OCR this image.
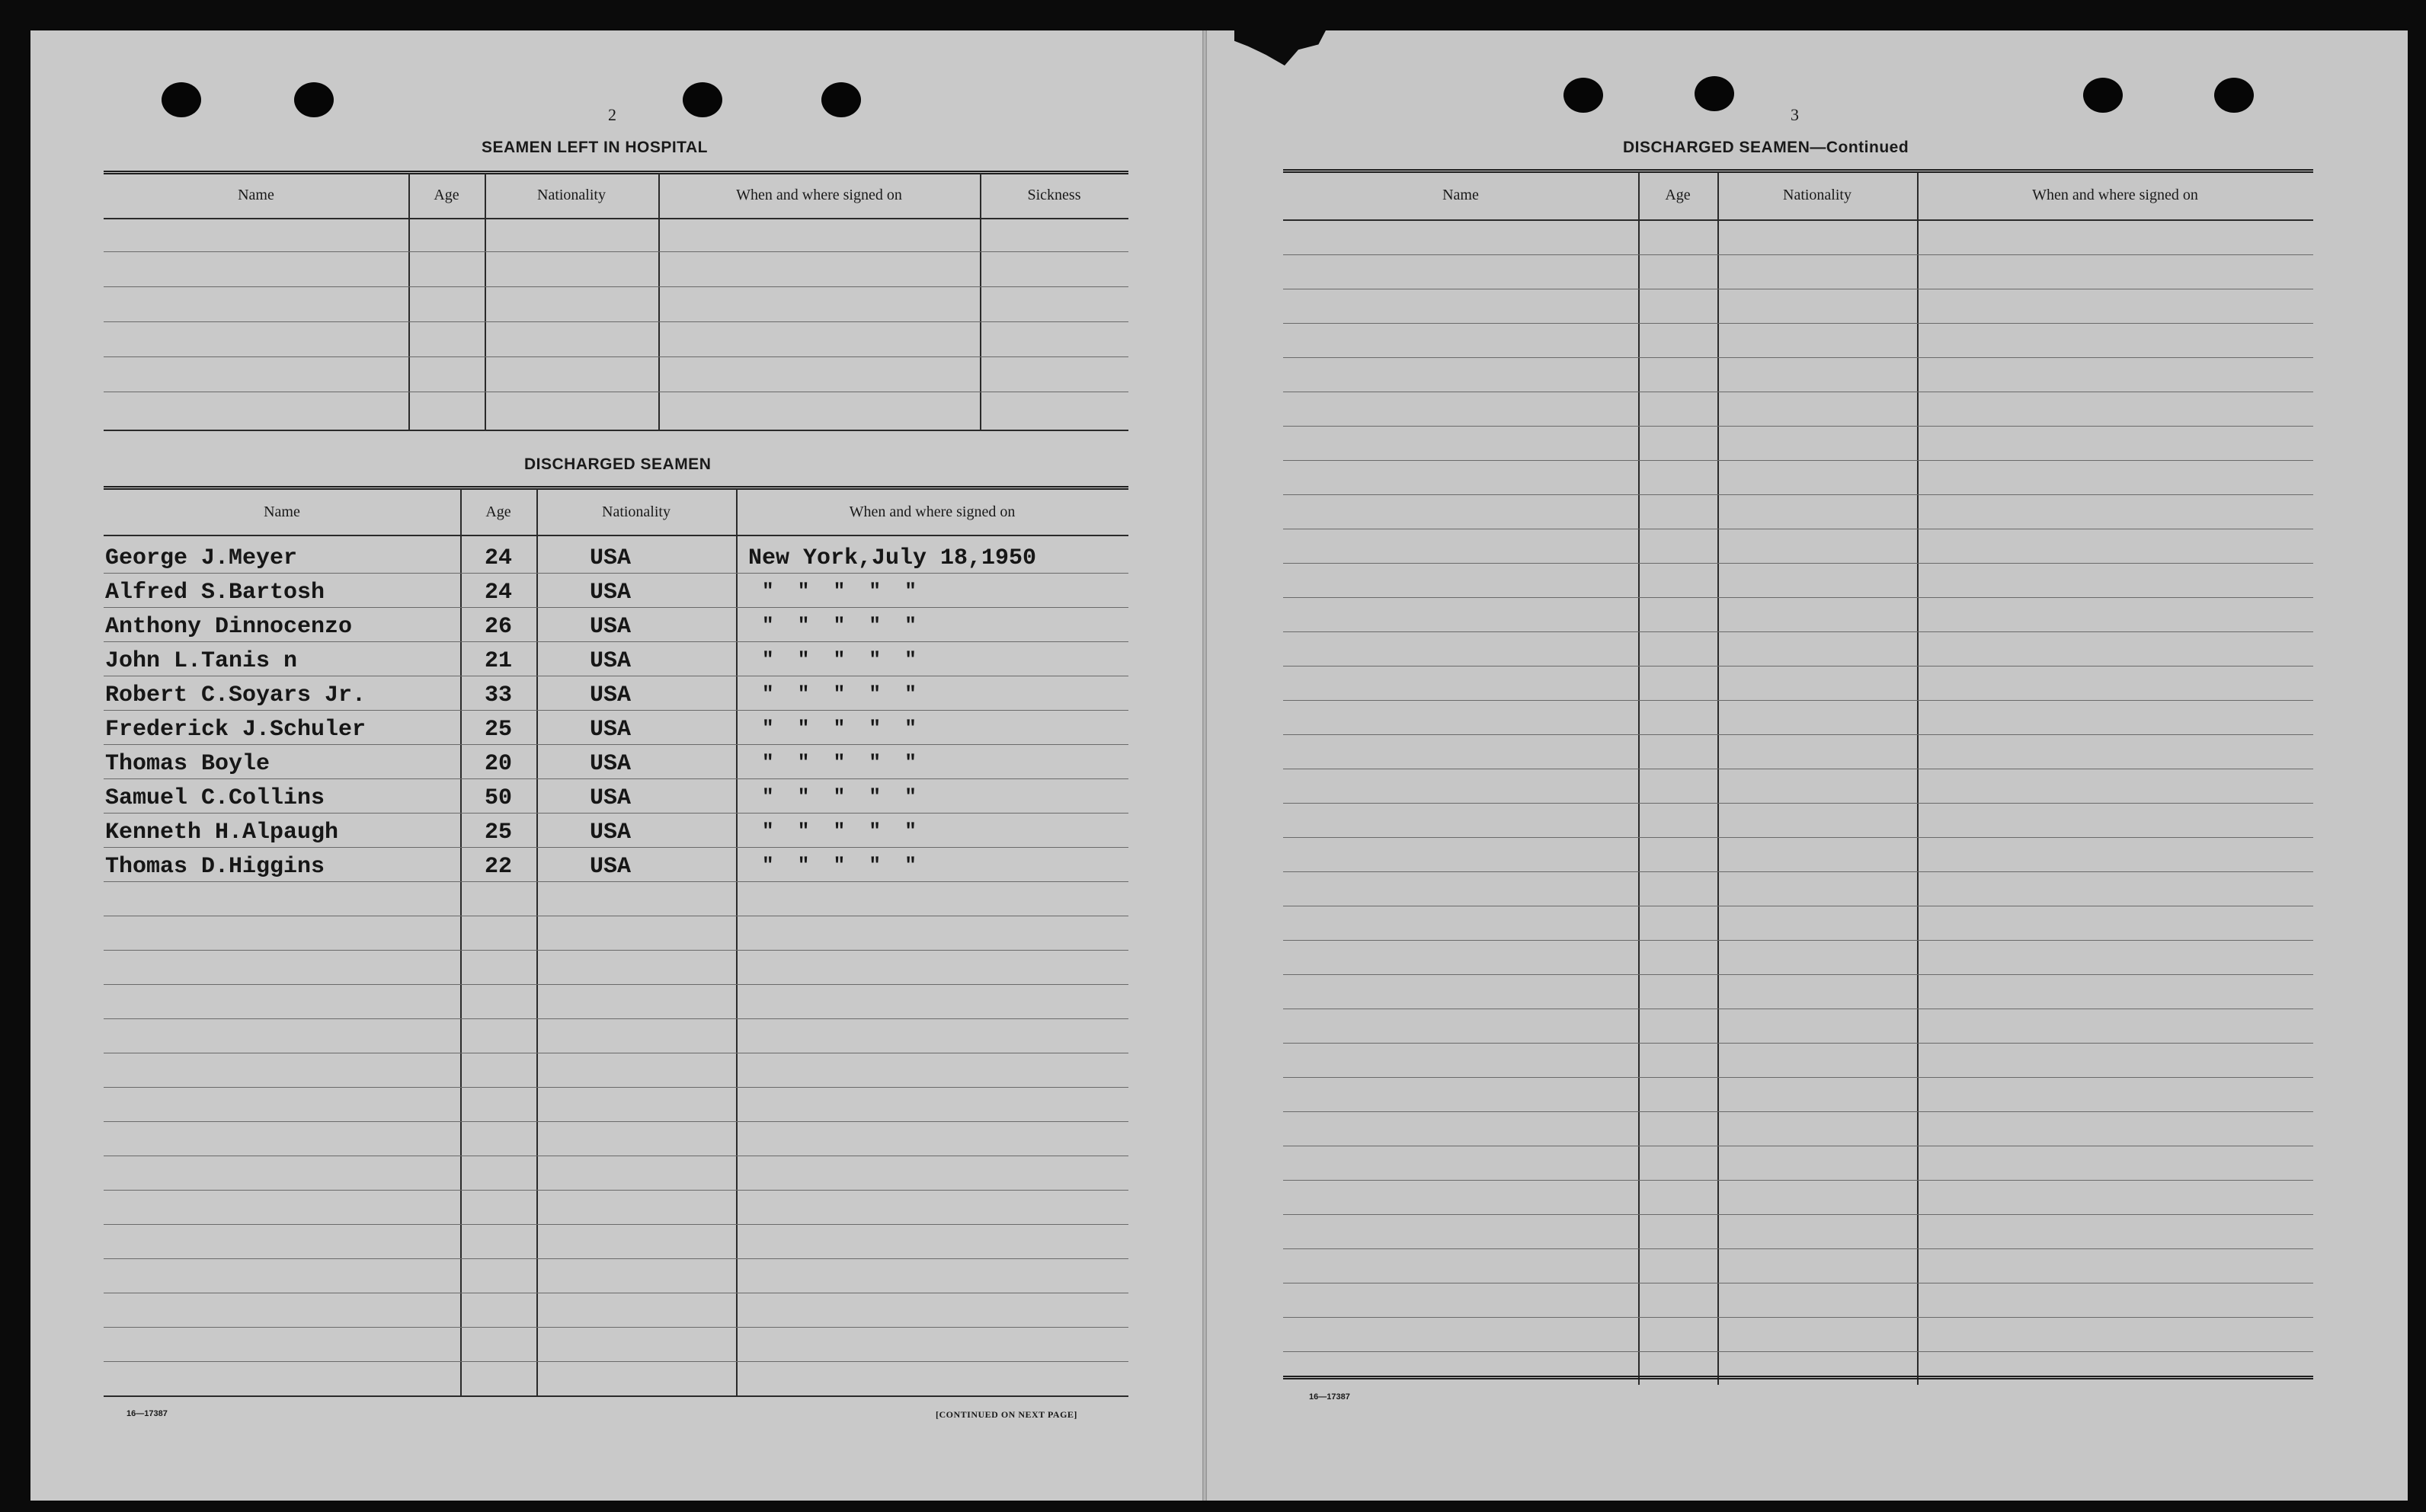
2
SEAMEN LEFT IN HOSPITAL
Name	Age	Nationality	When and where signed on	Sickness
DISCHARGED SEAMEN
Name	Age	Nationality	When and where signed on
George J.Meyer	24	USA	New York,July 18,1950
Alfred S.Bartosh	24	USA	"  "  "  "  "
Anthony Dinnocenzo	26	USA	"  "  "  "  "
John L.Tanis n	21	USA	"  "  "  "  "
Robert C.Soyars Jr.	33	USA	"  "  "  "  "
Frederick J.Schuler	25	USA	"  "  "  "  "
Thomas Boyle	20	USA	"  "  "  "  "
Samuel C.Collins	50	USA	"  "  "  "  "
Kenneth H.Alpaugh	25	USA	"  "  "  "  "
Thomas D.Higgins	22	USA	"  "  "  "  "
16—17387	[CONTINUED ON NEXT PAGE]
3
DISCHARGED SEAMEN—Continued
Name	Age	Nationality	When and where signed on
16—17387
